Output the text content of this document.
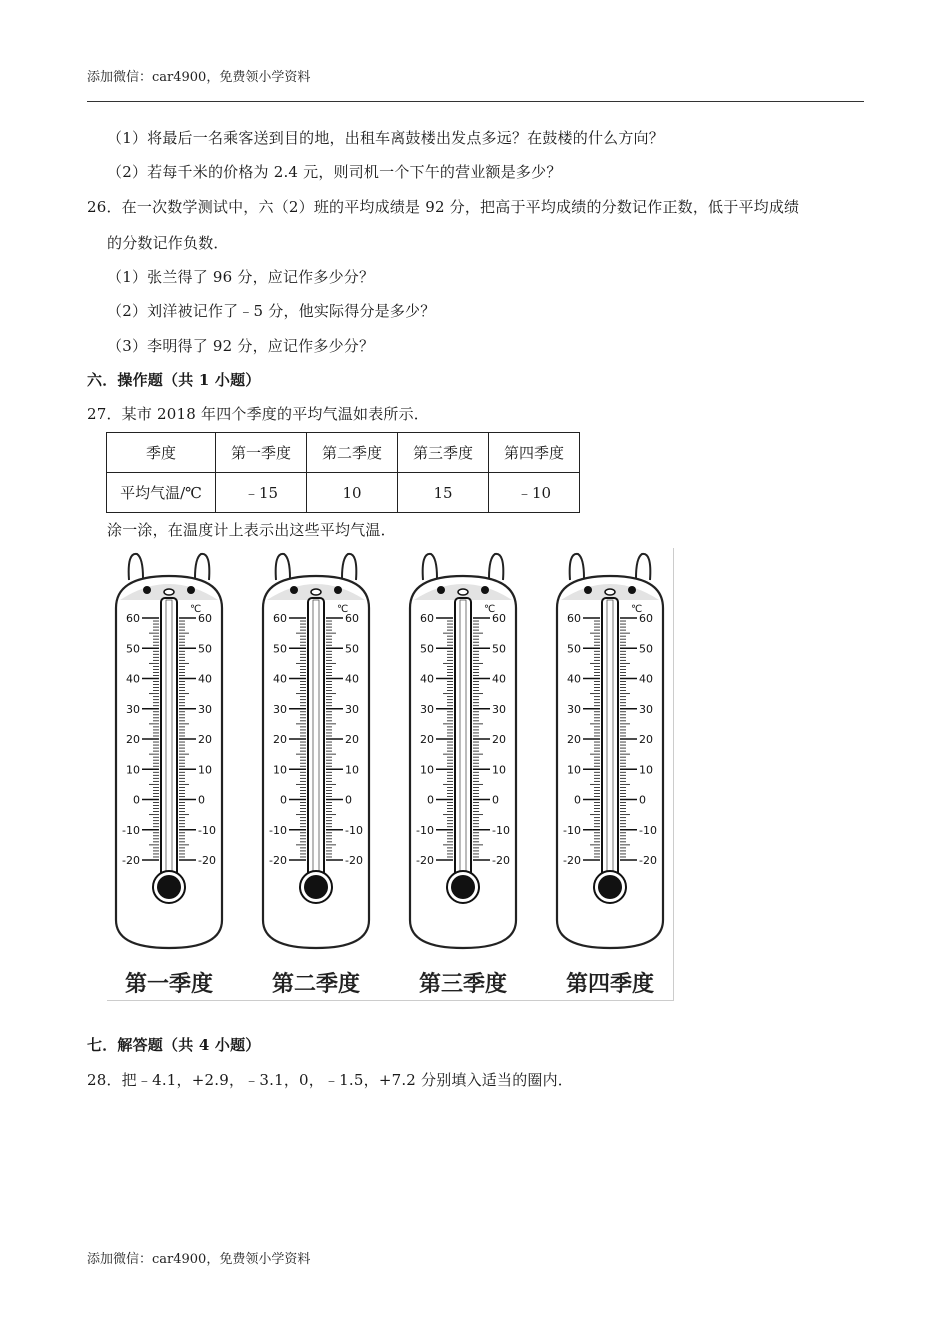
添加微信：car4900，免费领小学资料
（1）将最后一名乘客送到目的地，出租车离鼓楼出发点多远？在鼓楼的什么方向？
（2）若每千米的价格为 2.4 元，则司机一个下午的营业额是多少？
26．在一次数学测试中，六（2）班的平均成绩是 92 分，把高于平均成绩的分数记作正数，低于平均成绩
的分数记作负数．
（1）张兰得了 96 分，应记作多少分？
（2）刘洋被记作了﹣5 分，他实际得分是多少？
（3）李明得了 92 分，应记作多少分？
六．操作题（共 1 小题）
27．某市 2018 年四个季度的平均气温如表所示．
季度	第一季度	第二季度	第三季度	第四季度
平均气温/℃	﹣15	10	15	﹣10
涂一涂，在温度计上表示出这些平均气温．
℃
60	60
50	50
40	40
30	30
20	20
10	10
0	0
-10	-10
-20	-20
第一季度
℃
60	60
50	50
40	40
30	30
20	20
10	10
0	0
-10	-10
-20	-20
第二季度
℃
60	60
50	50
40	40
30	30
20	20
10	10
0	0
-10	-10
-20	-20
第三季度
℃
60	60
50	50
40	40
30	30
20	20
10	10
0	0
-10	-10
-20	-20
第四季度
七．解答题（共 4 小题）
28．把﹣4.1，+2.9，﹣3.1，0，﹣1.5，+7.2 分别填入适当的圈内．
添加微信：car4900，免费领小学资料
